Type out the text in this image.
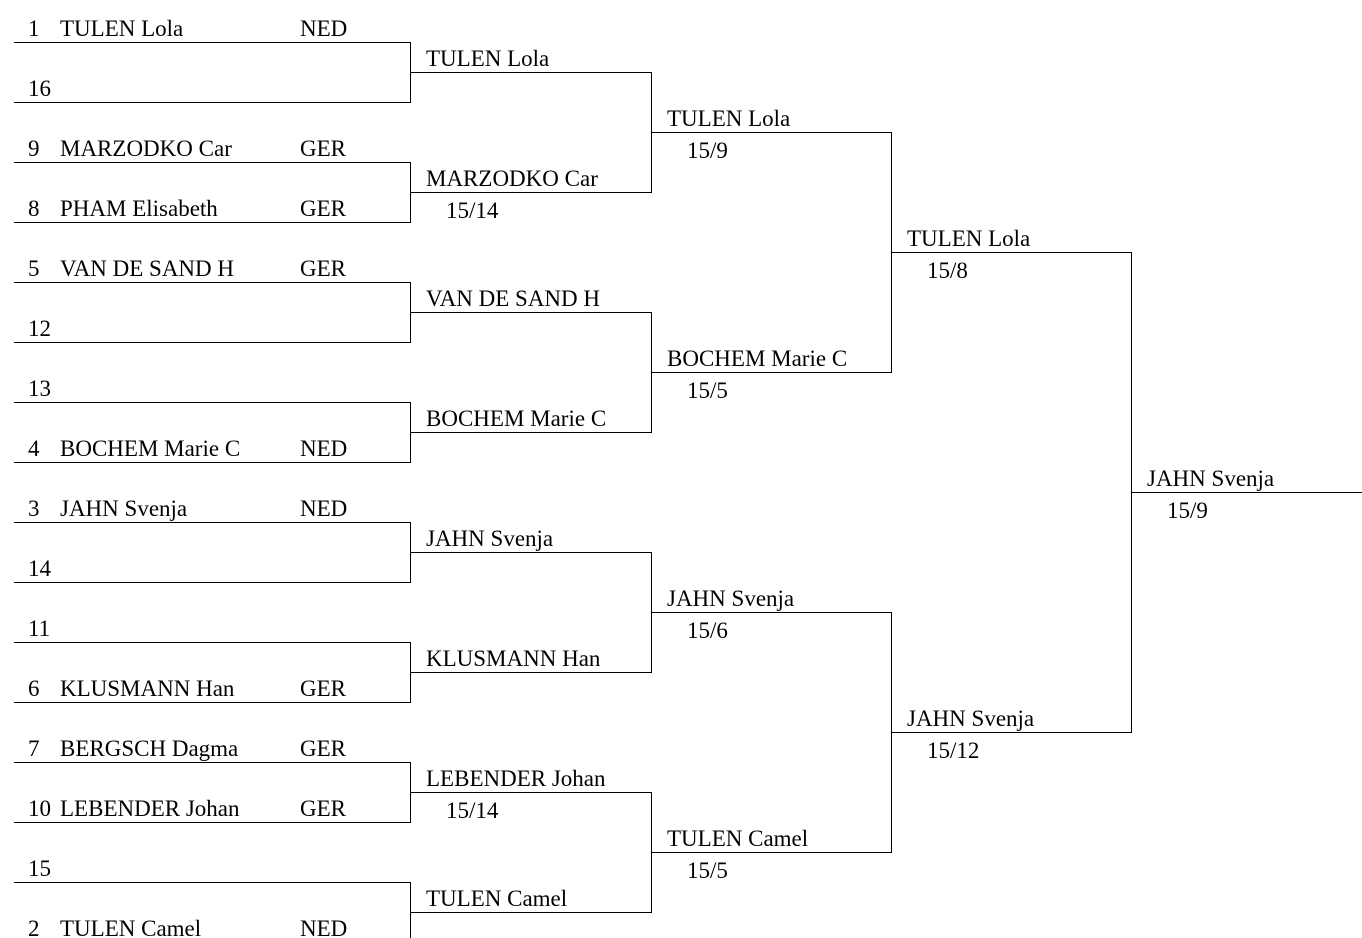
1 TULEN Lola	NED
16
9 MARZODKO Car	GER
8 PHAM Elisabeth	GER
5 VAN DE SAND H	GER
12
13
4 BOCHEM Marie C	NED
3 JAHN Svenja	NED
14
11
6 KLUSMANN Han	GER
7 BERGSCH Dagma	GER
10 LEBENDER Johan	GER
15
2 TULEN Camel	NED
TULEN Lola
MARZODKO Car
15/14
VAN DE SAND H
BOCHEM Marie C
JAHN Svenja
KLUSMANN Han
LEBENDER Johan
15/14
TULEN Camel
TULEN Lola
15/9
BOCHEM Marie C
15/5
JAHN Svenja
15/6
TULEN Camel
15/5
TULEN Lola
15/8
JAHN Svenja
15/12
JAHN Svenja
15/9
